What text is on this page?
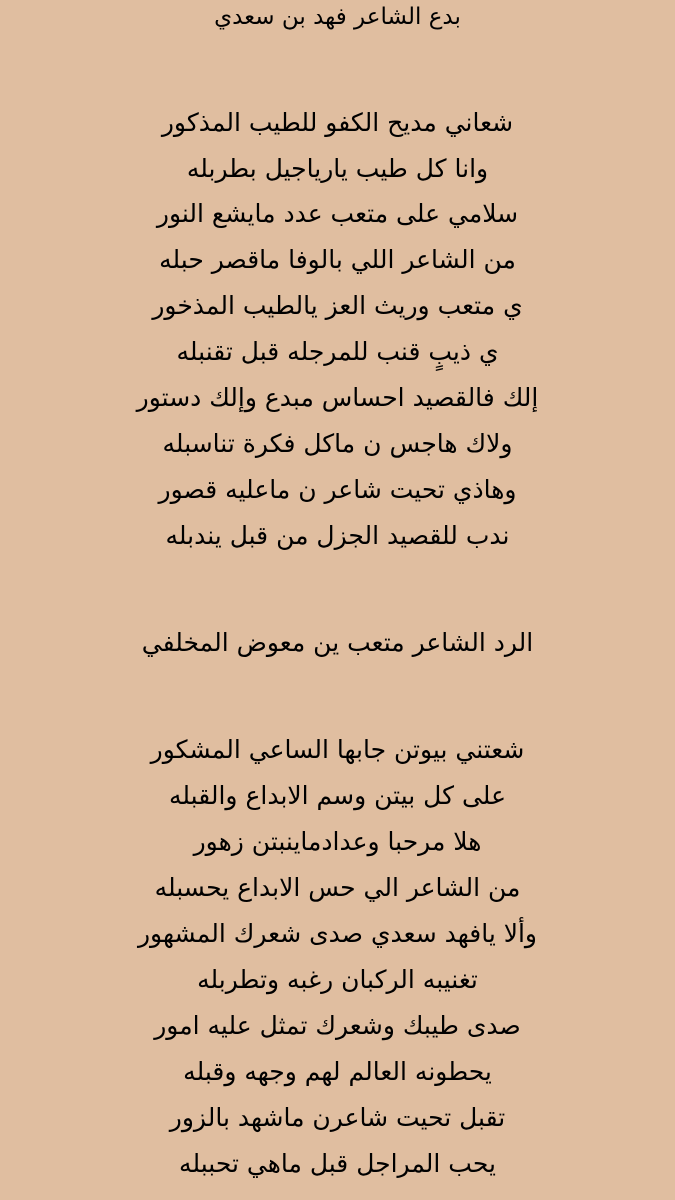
بدع الشاعر فهد بن سعدي

شعاني مديح الكفو للطيب المذكور

وانا كل طيب ياريا‌جيل بطربله

سلامي على متعب عدد مايشع النور

من الشاعر اللي بالوفا ماقصر حبله

ي متعب وريث العز يالطيب المذخور

ي ذيبٍ قنب للمرجله قبل تقنبله

إلك فالقصيد احساس مبدع وإلك دستور

ولاك هاجس ن ماكل فكرة تناسبله

وهاذي تحيت شاعر ن ماعليه قصور

ندب للقصيد الجزل من قبل يندبله

الرد الشاعر متعب ين معوض المخلفي

شعتني بيوتن جابها الساعي المشكور

على كل بيتن وسم الابداع والقبله

هلا مرحبا وعدادماينبتن زهور

من الشاعر الي حس الابداع يحسبله

وألا يافهد سعدي صدى شعرك المشهور

تغنيبه الركبان رغبه وتطربله

صدى طيبك وشعرك تمثل عليه امور

يحطونه العالم لهم وجهه وقبله

تقبل تحيت شاعرن ماشهد بالزور

يحب المراجل قبل ماهي تحببله
